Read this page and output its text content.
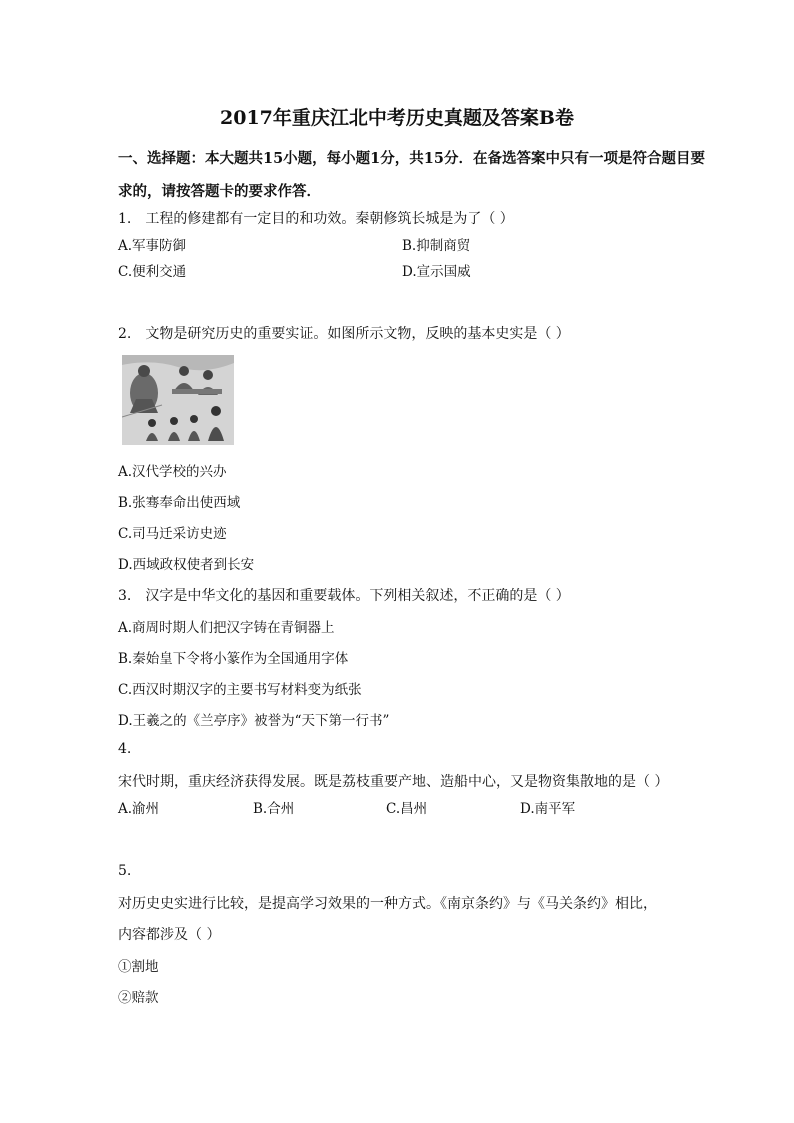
2017年重庆江北中考历史真题及答案B卷
一、选择题：本大题共15小题，每小题1分，共15分．在备选答案中只有一项是符合题目要
求的，请按答题卡的要求作答．
1.　工程的修建都有一定目的和功效。秦朝修筑长城是为了（ ）
A.军事防御	B.抑制商贸
C.便利交通	D.宣示国威
2.　文物是研究历史的重要实证。如图所示文物，反映的基本史实是（ ）
A.汉代学校的兴办
B.张骞奉命出使西域
C.司马迁采访史迹
D.西域政权使者到长安
3.　汉字是中华文化的基因和重要载体。下列相关叙述，不正确的是（ ）
A.商周时期人们把汉字铸在青铜器上
B.秦始皇下令将小篆作为全国通用字体
C.西汉时期汉字的主要书写材料变为纸张
D.王羲之的《兰亭序》被誉为“天下第一行书”
4.
宋代时期，重庆经济获得发展。既是荔枝重要产地、造船中心，又是物资集散地的是（ ）
A.渝州	B.合州	C.昌州	D.南平军
5.
对历史史实进行比较，是提高学习效果的一种方式。《南京条约》与《马关条约》相比，
内容都涉及（ ）
①割地
②赔款
